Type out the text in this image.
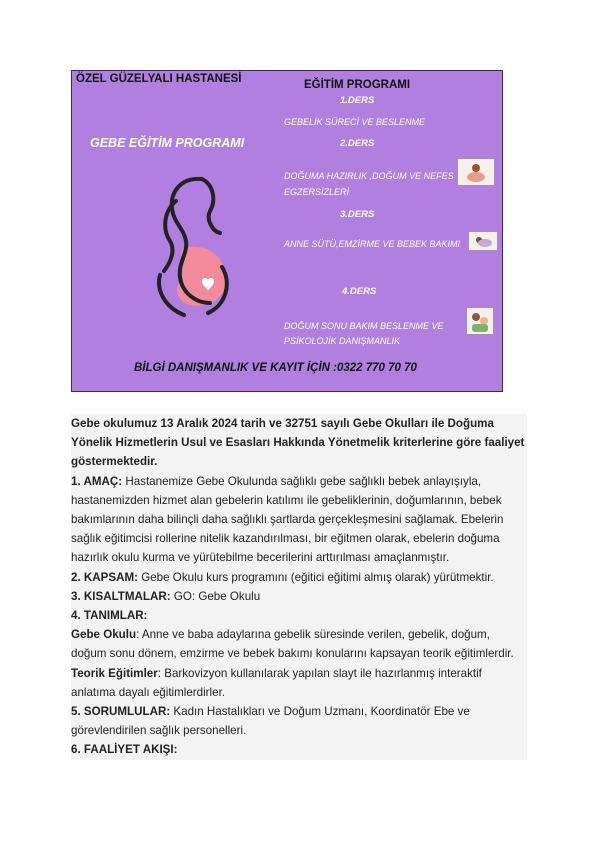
ÖZEL GÜZELYALI HASTANESİ	EĞİTİM PROGRAMI
GEBE EĞİTİM PROGRAMI
1.DERS
GEBELİK SÜRECİ VE BESLENME
2.DERS
DOĞUMA HAZIRLIK ,DOĞUM VE NEFES
EGZERSİZLERİ
3.DERS
ANNE SÜTÜ,EMZİRME VE BEBEK BAKIMI
4.DERS
DOĞUM SONU BAKIM BESLENME VE
PSİKOLOJİK DANIŞMANLIK
BİLGİ DANIŞMANLIK VE KAYIT İÇİN :0322 770 70 70

Gebe okulumuz 13 Aralık 2024 tarih ve 32751 sayılı Gebe Okulları ile Doğuma Yönelik Hizmetlerin Usul ve Esasları Hakkında Yönetmelik kriterlerine göre faaliyet göstermektedir.

1. AMAÇ: Hastanemize Gebe Okulunda sağlıklı gebe sağlıklı bebek anlayışıyla, hastanemizden hizmet alan gebelerin katılımı ile gebeliklerinin, doğumlarının, bebek bakımlarının daha bilinçli daha sağlıklı şartlarda gerçekleşmesini sağlamak. Ebelerin sağlık eğitimcisi rollerine nitelik kazandırılması, bir eğitmen olarak, ebelerin doğuma hazırlık okulu kurma ve yürütebilme becerilerini arttırılması amaçlanmıştır.

2. KAPSAM: Gebe Okulu kurs programını (eğitici eğitimi almış olarak) yürütmektir.

3. KISALTMALAR: GO: Gebe Okulu

4. TANIMLAR:

Gebe Okulu: Anne ve baba adaylarına gebelik süresinde verilen, gebelik, doğum, doğum sonu dönem, emzirme ve bebek bakımı konularını kapsayan teorik eğitimlerdir.

Teorik Eğitimler: Barkovizyon kullanılarak yapılan slayt ile hazırlanmış interaktif anlatıma dayalı eğitimlerdirler.

5. SORUMLULAR: Kadın Hastalıkları ve Doğum Uzmanı, Koordinatör Ebe ve görevlendirilen sağlık personelleri.

6. FAALİYET AKIŞI:
